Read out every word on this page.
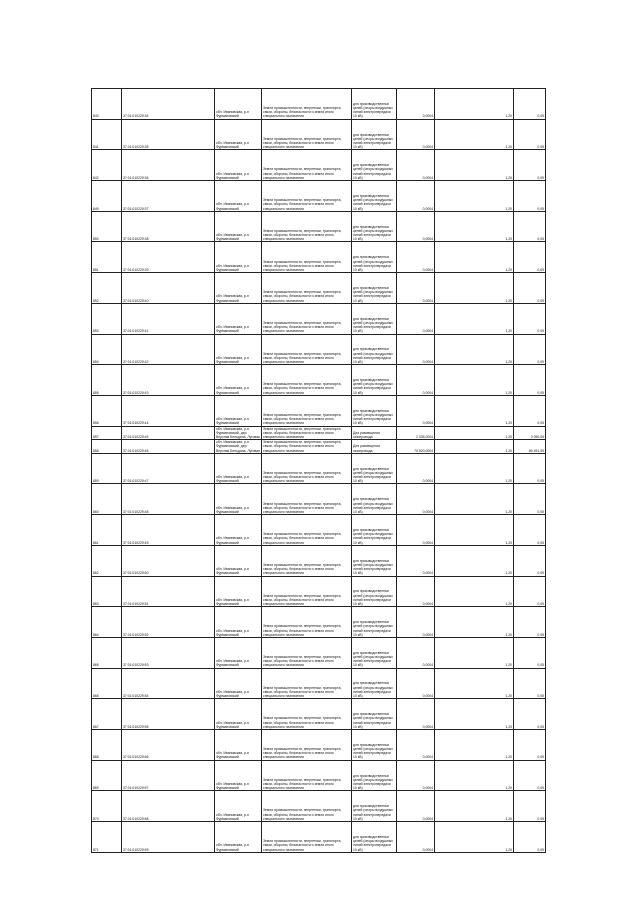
840	37:01:010229:34	обл. Ивановская, р-н Фурмановский	Земли промышленности, энергетики, транспорта, связи, обороны, безопасности и земли иного специального назначения	для производственных целей (опоры воздушных линий электропередачи 10 кВ)	0,0004	1,20	0,05
841	37:01:010229:35	обл. Ивановская, р-н Фурмановский	Земли промышленности, энергетики, транспорта, связи, обороны, безопасности и земли иного специального назначения	для производственных целей (опоры воздушных линий электропередачи 10 кВ)	0,0004	1,20	0,05
842	37:01:010229:36	обл. Ивановская, р-н Фурмановский	Земли промышленности, энергетики, транспорта, связи, обороны, безопасности и земли иного специального назначения	для производственных целей (опоры воздушных линий электропередачи 10 кВ)	0,0004	1,20	0,05
849	37:01:010229:37	обл. Ивановская, р-н Фурмановский	Земли промышленности, энергетики, транспорта, связи, обороны, безопасности и земли иного специального назначения	для производственных целей (опоры воздушных линий электропередачи 10 кВ)	0,0004	1,20	0,05
850	37:01:010229:38	обл. Ивановская, р-н Фурмановский	Земли промышленности, энергетики, транспорта, связи, обороны, безопасности и земли иного специального назначения	для производственных целей (опоры воздушных линий электропередачи 10 кВ)	0,0004	1,20	0,05
851	37:01:010229:39	обл. Ивановская, р-н Фурмановский	Земли промышленности, энергетики, транспорта, связи, обороны, безопасности и земли иного специального назначения	для производственных целей (опоры воздушных линий электропередачи 10 кВ)	0,0004	1,20	0,05
852	37:01:010229:40	обл. Ивановская, р-н Фурмановский	Земли промышленности, энергетики, транспорта, связи, обороны, безопасности и земли иного специального назначения	для производственных целей (опоры воздушных линий электропередачи 10 кВ)	0,0004	1,20	0,05
853	37:01:010229:41	обл. Ивановская, р-н Фурмановский	Земли промышленности, энергетики, транспорта, связи, обороны, безопасности и земли иного специального назначения	для производственных целей (опоры воздушных линий электропередачи 10 кВ)	0,0004	1,20	0,05
854	37:01:010229:42	обл. Ивановская, р-н Фурмановский	Земли промышленности, энергетики, транспорта, связи, обороны, безопасности и земли иного специального назначения	для производственных целей (опоры воздушных линий электропередачи 10 кВ)	0,0004	1,20	0,05
855	37:01:010229:43	обл. Ивановская, р-н Фурмановский	Земли промышленности, энергетики, транспорта, связи, обороны, безопасности и земли иного специального назначения	для производственных целей (опоры воздушных линий электропередачи 10 кВ)	0,0004	1,20	0,05
856	37:01:010229:44	обл. Ивановская, р-н Фурмановский	Земли промышленности, энергетики, транспорта, связи, обороны, безопасности и земли иного специального назначения	для производственных целей (опоры воздушных линий электропередачи 10 кВ)	0,0004	1,20	0,05
857	37:01:010229:45	обл. Ивановская, р-н Фурмановский, дер. Верхняя Бельдяна, Луговая	Земли промышленности, энергетики, транспорта, связи, обороны, безопасности и земли иного специального назначения	Для размещения газопровода	2 035,0004	1,20	3 050,05
858	37:01:010229:46	обл. Ивановская, р-н Фурмановский, дер. Верхняя Бельдяна, Луговая	Земли промышленности, энергетики, транспорта, связи, обороны, безопасности и земли иного специального назначения	Для размещения газопровода	70 520,0004	1,20	80 491,05
859	37:01:010229:47	обл. Ивановская, р-н Фурмановский	Земли промышленности, энергетики, транспорта, связи, обороны, безопасности и земли иного специального назначения	для производственных целей (опоры воздушных линий электропередачи 10 кВ)	0,0004	1,20	0,05
860	37:01:010229:48	обл. Ивановская, р-н Фурмановский	Земли промышленности, энергетики, транспорта, связи, обороны, безопасности и земли иного специального назначения	для производственных целей (опоры воздушных линий электропередачи 10 кВ)	0,0004	1,20	0,05
861	37:01:010229:49	обл. Ивановская, р-н Фурмановский	Земли промышленности, энергетики, транспорта, связи, обороны, безопасности и земли иного специального назначения	для производственных целей (опоры воздушных линий электропередачи 10 кВ)	0,0004	1,20	0,05
862	37:01:010229:50	обл. Ивановская, р-н Фурмановский	Земли промышленности, энергетики, транспорта, связи, обороны, безопасности и земли иного специального назначения	для производственных целей (опоры воздушных линий электропередачи 10 кВ)	0,0004	1,20	0,05
863	37:01:010229:51	обл. Ивановская, р-н Фурмановский	Земли промышленности, энергетики, транспорта, связи, обороны, безопасности и земли иного специального назначения	для производственных целей (опоры воздушных линий электропередачи 10 кВ)	0,0004	1,20	0,05
864	37:01:010229:52	обл. Ивановская, р-н Фурмановский	Земли промышленности, энергетики, транспорта, связи, обороны, безопасности и земли иного специального назначения	для производственных целей (опоры воздушных линий электропередачи 10 кВ)	0,0004	1,20	0,05
865	37:01:010229:53	обл. Ивановская, р-н Фурмановский	Земли промышленности, энергетики, транспорта, связи, обороны, безопасности и земли иного специального назначения	для производственных целей (опоры воздушных линий электропередачи 10 кВ)	0,0004	1,20	0,05
866	37:01:010229:54	обл. Ивановская, р-н Фурмановский	Земли промышленности, энергетики, транспорта, связи, обороны, безопасности и земли иного специального назначения	для производственных целей (опоры воздушных линий электропередачи 10 кВ)	0,0004	1,20	0,05
867	37:01:010229:55	обл. Ивановская, р-н Фурмановский	Земли промышленности, энергетики, транспорта, связи, обороны, безопасности и земли иного специального назначения	для производственных целей (опоры воздушных линий электропередачи 10 кВ)	0,0004	1,20	0,05
868	37:01:010229:56	обл. Ивановская, р-н Фурмановский	Земли промышленности, энергетики, транспорта, связи, обороны, безопасности и земли иного специального назначения	для производственных целей (опоры воздушных линий электропередачи 10 кВ)	0,0004	1,20	0,05
869	37:01:010229:57	обл. Ивановская, р-н Фурмановский	Земли промышленности, энергетики, транспорта, связи, обороны, безопасности и земли иного специального назначения	для производственных целей (опоры воздушных линий электропередачи 10 кВ)	0,0004	1,20	0,05
870	37:01:010229:58	обл. Ивановская, р-н Фурмановский	Земли промышленности, энергетики, транспорта, связи, обороны, безопасности и земли иного специального назначения	для производственных целей (опоры воздушных линий электропередачи 10 кВ)	0,0004	1,20	0,05
871	37:01:010229:59	обл. Ивановская, р-н Фурмановский	Земли промышленности, энергетики, транспорта, связи, обороны, безопасности и земли иного специального назначения	для производственных целей (опоры воздушных линий электропередачи 10 кВ)	0,0004	1,20	0,05
